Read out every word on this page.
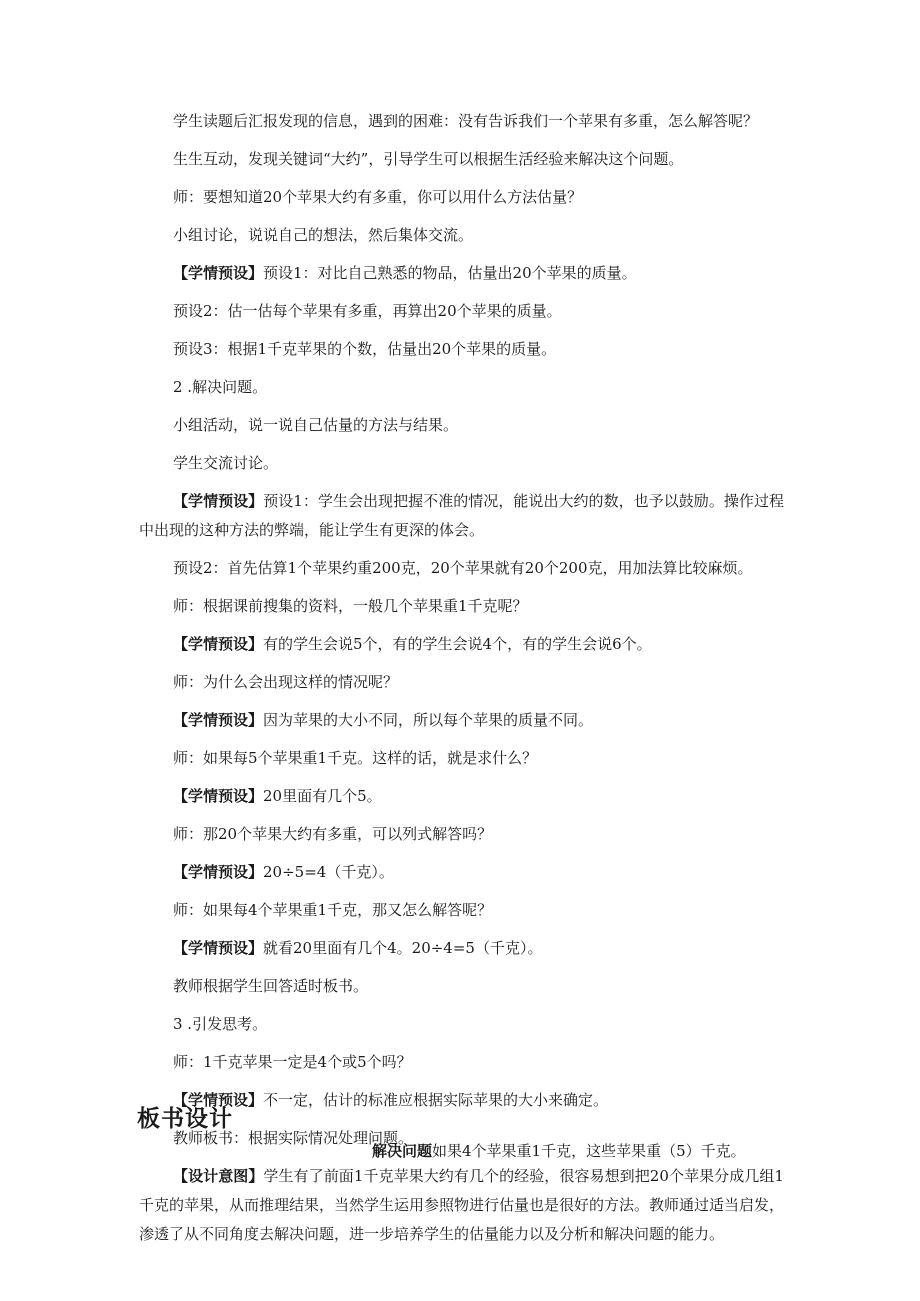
学生读题后汇报发现的信息，遇到的困难：没有告诉我们一个苹果有多重，怎么解答呢？

生生互动，发现关键词“大约”，引导学生可以根据生活经验来解决这个问题。

师：要想知道20个苹果大约有多重，你可以用什么方法估量？

小组讨论，说说自己的想法，然后集体交流。

【学情预设】预设1：对比自己熟悉的物品，估量出20个苹果的质量。

预设2：估一估每个苹果有多重，再算出20个苹果的质量。

预设3：根据1千克苹果的个数，估量出20个苹果的质量。

2 .解决问题。

小组活动，说一说自己估量的方法与结果。

学生交流讨论。

【学情预设】预设1：学生会出现把握不准的情况，能说出大约的数，也予以鼓励。操作过程中出现的这种方法的弊端，能让学生有更深的体会。

预设2：首先估算1个苹果约重200克，20个苹果就有20个200克，用加法算比较麻烦。

师：根据课前搜集的资料，一般几个苹果重1千克呢？

【学情预设】有的学生会说5个，有的学生会说4个，有的学生会说6个。

师：为什么会出现这样的情况呢？

【学情预设】因为苹果的大小不同，所以每个苹果的质量不同。

师：如果每5个苹果重1千克。这样的话，就是求什么？

【学情预设】20里面有几个5。

师：那20个苹果大约有多重，可以列式解答吗？

【学情预设】20÷5=4（千克）。

师：如果每4个苹果重1千克，那又怎么解答呢？

【学情预设】就看20里面有几个4。20÷4=5（千克）。

教师根据学生回答适时板书。

3 .引发思考。

师：1千克苹果一定是4个或5个吗？

【学情预设】不一定，估计的标准应根据实际苹果的大小来确定。

教师板书：根据实际情况处理问题。

【设计意图】学生有了前面1千克苹果大约有几个的经验，很容易想到把20个苹果分成几组1千克的苹果，从而推理结果，当然学生运用参照物进行估量也是很好的方法。教师通过适当启发，渗透了从不同角度去解决问题，进一步培养学生的估量能力以及分析和解决问题的能力。

板书设计

解决问题如果4个苹果重1千克，这些苹果重（5）千克。
